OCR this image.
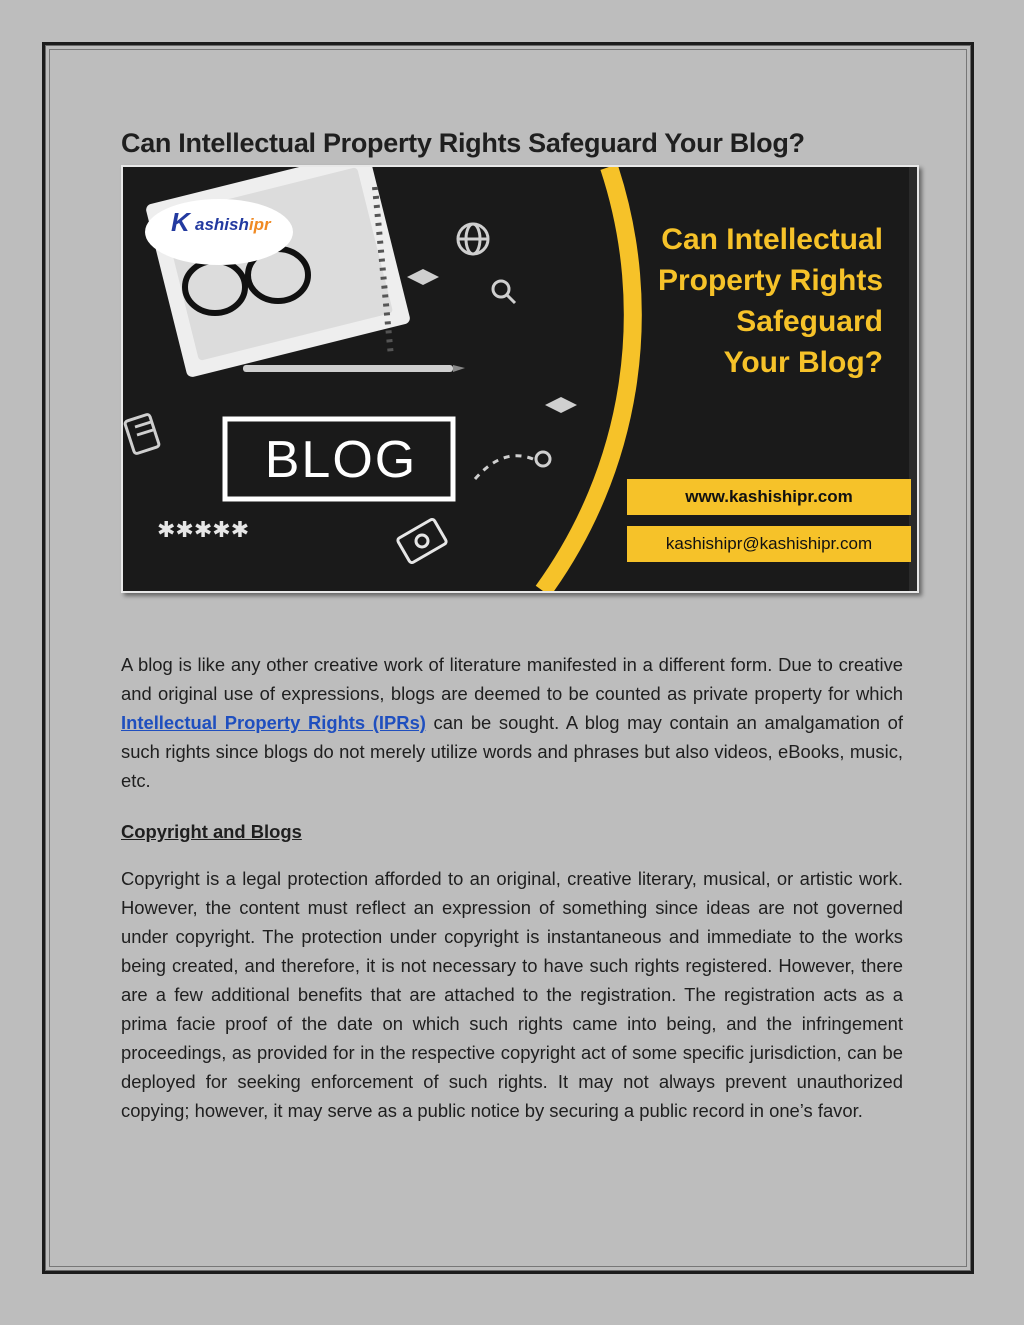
Can Intellectual Property Rights Safeguard Your Blog?
✱✱✱✱✱
K ashishipr	Can Intellectual
Property Rights
Safeguard
Your Blog?
BLOG
www.kashishipr.com
kashishipr@kashishipr.com

A blog is like any other creative work of literature manifested in a different form. Due to creative and original use of expressions, blogs are deemed to be counted as private property for which Intellectual Property Rights (IPRs) can be sought. A blog may contain an amalgamation of such rights since blogs do not merely utilize words and phrases but also videos, eBooks, music, etc.

Copyright and Blogs

Copyright is a legal protection afforded to an original, creative literary, musical, or artistic work. However, the content must reflect an expression of something since ideas are not governed under copyright. The protection under copyright is instantaneous and immediate to the works being created, and therefore, it is not necessary to have such rights registered. However, there are a few additional benefits that are attached to the registration. The registration acts as a prima facie proof of the date on which such rights came into being, and the infringement proceedings, as provided for in the respective copyright act of some specific jurisdiction, can be deployed for seeking enforcement of such rights. It may not always prevent unauthorized copying; however, it may serve as a public notice by securing a public record in one’s favor.
